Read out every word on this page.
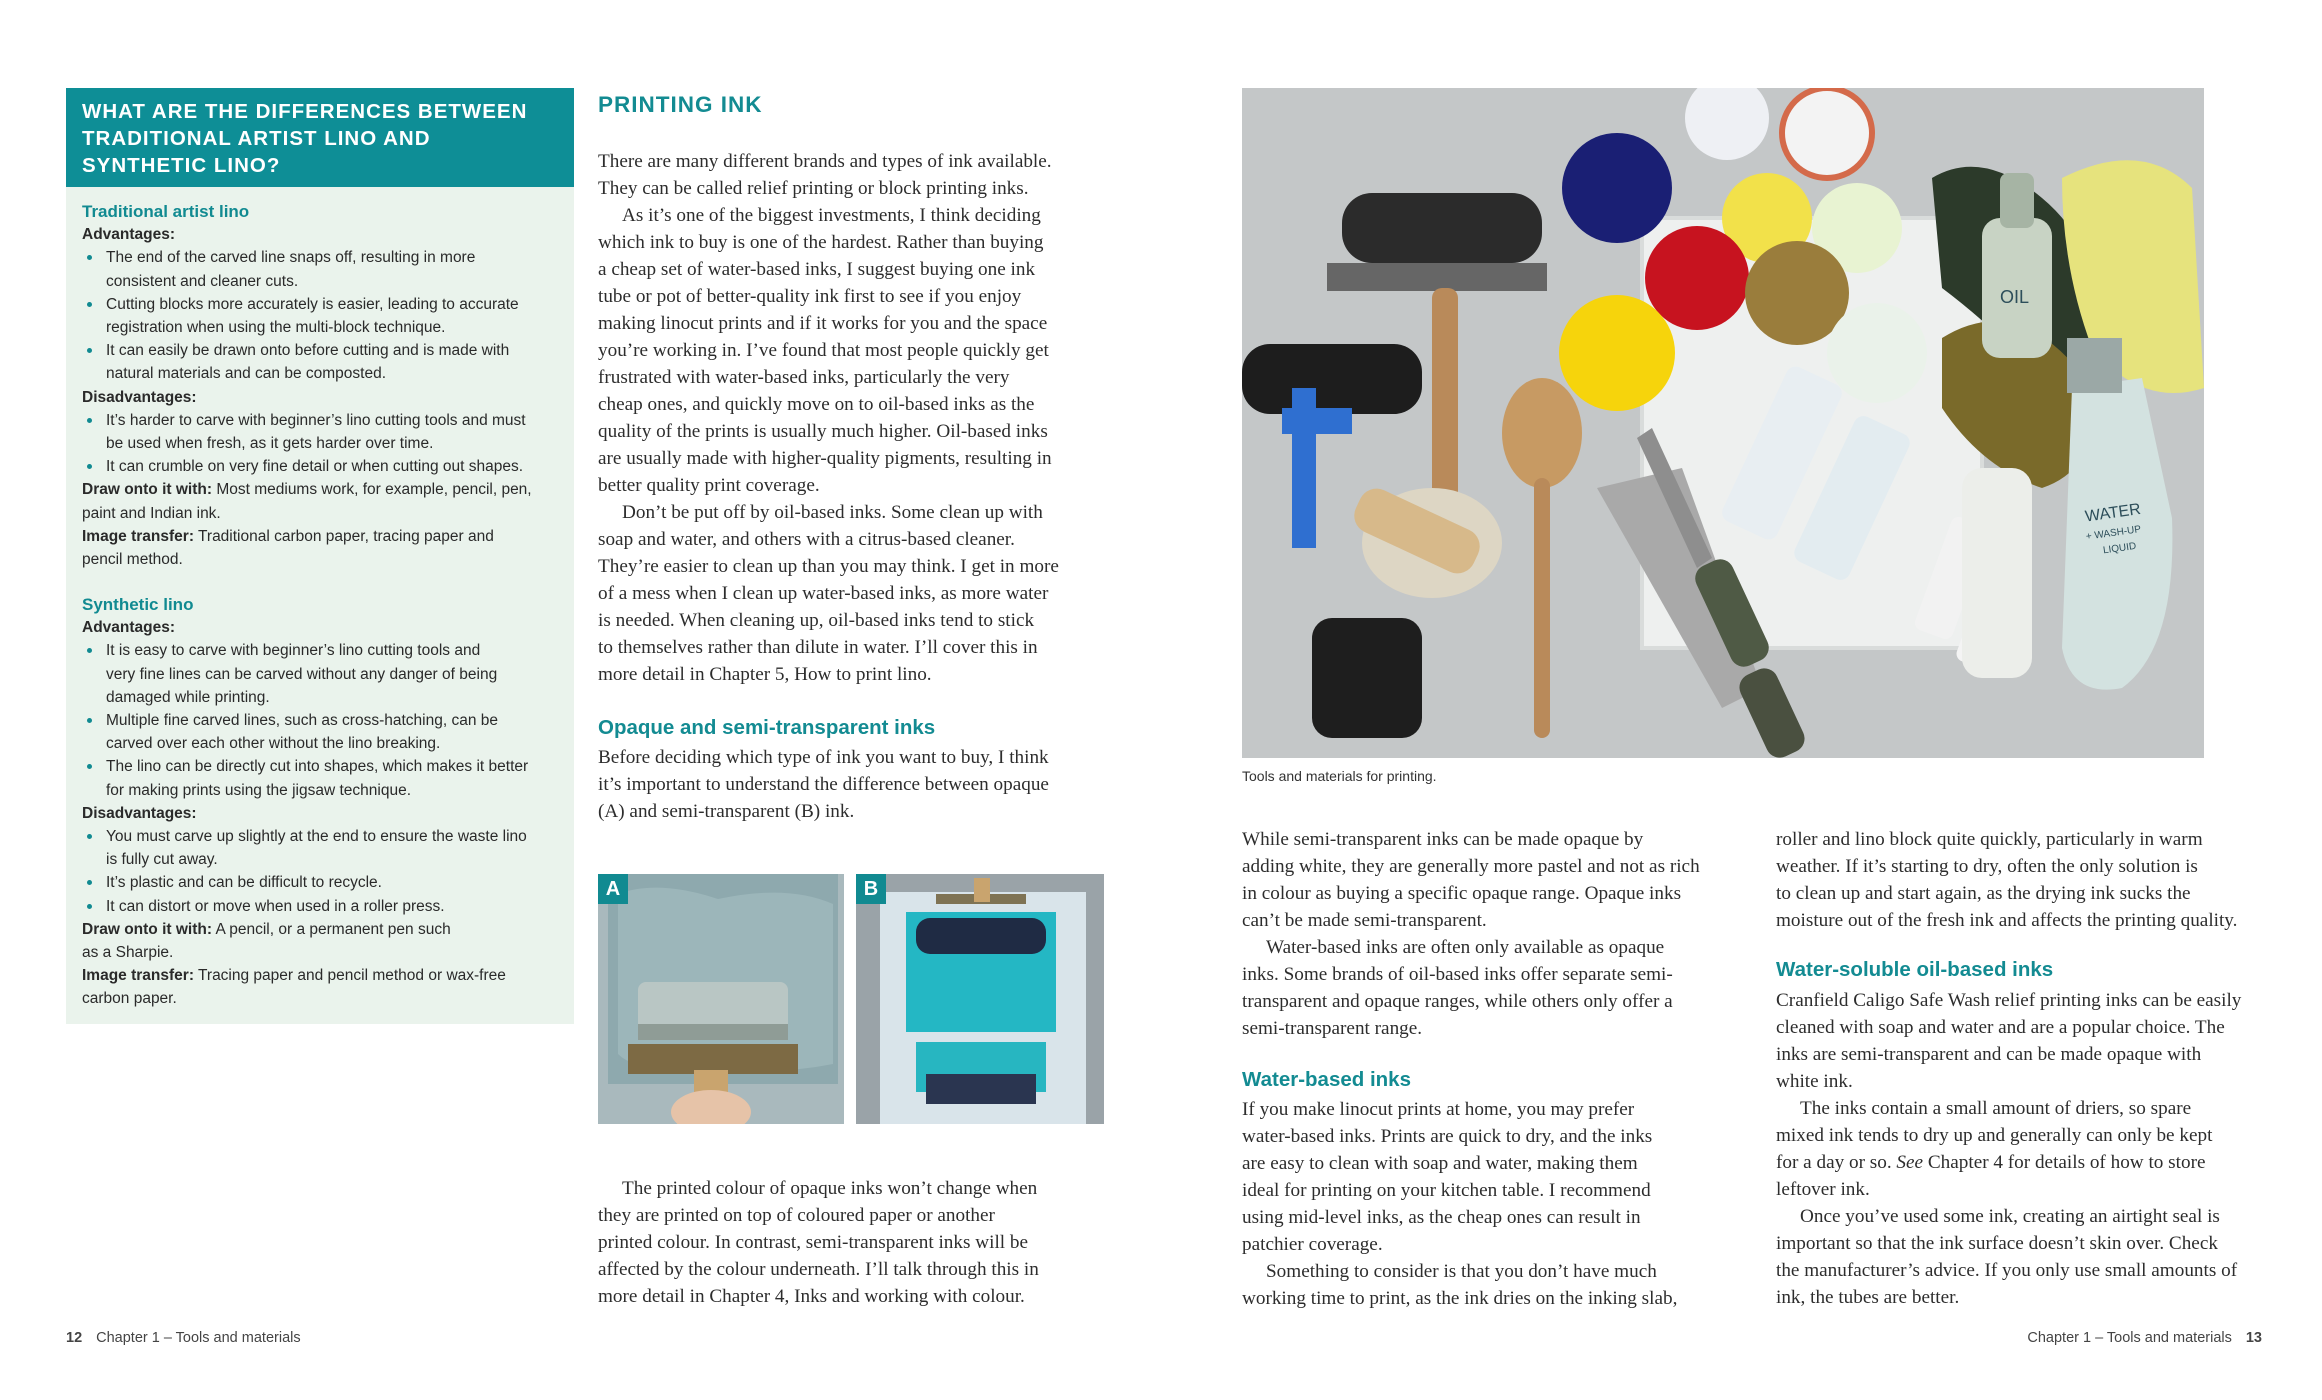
WHAT ARE THE DIFFERENCES BETWEEN
TRADITIONAL ARTIST LINO AND
SYNTHETIC LINO?
Traditional artist lino
Advantages:
The end of the carved line snaps off, resulting in more
consistent and cleaner cuts.
Cutting blocks more accurately is easier, leading to accurate
registration when using the multi-block technique.
It can easily be drawn onto before cutting and is made with
natural materials and can be composted.
Disadvantages:
It’s harder to carve with beginner’s lino cutting tools and must
be used when fresh, as it gets harder over time.
It can crumble on very fine detail or when cutting out shapes.
Draw onto it with: Most mediums work, for example, pencil, pen,
paint and Indian ink.
Image transfer: Traditional carbon paper, tracing paper and
pencil method.
Synthetic lino
Advantages:
It is easy to carve with beginner’s lino cutting tools and
very fine lines can be carved without any danger of being
damaged while printing.
Multiple fine carved lines, such as cross-hatching, can be
carved over each other without the lino breaking.
The lino can be directly cut into shapes, which makes it better
for making prints using the jigsaw technique.
Disadvantages:
You must carve up slightly at the end to ensure the waste lino
is fully cut away.
It’s plastic and can be difficult to recycle.
It can distort or move when used in a roller press.
Draw onto it with: A pencil, or a permanent pen such
as a Sharpie.
Image transfer: Tracing paper and pencil method or wax-free
carbon paper.
PRINTING INK

There are many different brands and types of ink available.
They can be called relief printing or block printing inks.

As it’s one of the biggest investments, I think deciding

which ink to buy is one of the hardest. Rather than buying
a cheap set of water-based inks, I suggest buying one ink
tube or pot of better-quality ink first to see if you enjoy
making linocut prints and if it works for you and the space
you’re working in. I’ve found that most people quickly get
frustrated with water-based inks, particularly the very
cheap ones, and quickly move on to oil-based inks as the
quality of the prints is usually much higher. Oil-based inks
are usually made with higher-quality pigments, resulting in
better quality print coverage.

Don’t be put off by oil-based inks. Some clean up with

soap and water, and others with a citrus-based cleaner.
They’re easier to clean up than you may think. I get in more
of a mess when I clean up water-based inks, as more water
is needed. When cleaning up, oil-based inks tend to stick
to themselves rather than dilute in water. I’ll cover this in
more detail in Chapter 5, How to print lino.

Opaque and semi-transparent inks
Before deciding which type of ink you want to buy, I think
it’s important to understand the difference between opaque
(A) and semi-transparent (B) ink.
A	B
The printed colour of opaque inks won’t change when
they are printed on top of coloured paper or another
printed colour. In contrast, semi-transparent inks will be
affected by the colour underneath. I’ll talk through this in
more detail in Chapter 4, Inks and working with colour.
OIL
WATER
+ WASH-UP
LIQUID
Tools and materials for printing.
While semi-transparent inks can be made opaque by
adding white, they are generally more pastel and not as rich
in colour as buying a specific opaque range. Opaque inks
can’t be made semi-transparent.
Water-based inks are often only available as opaque
inks. Some brands of oil-based inks offer separate semi-
transparent and opaque ranges, while others only offer a
semi-transparent range.
Water-based inks
If you make linocut prints at home, you may prefer
water-based inks. Prints are quick to dry, and the inks
are easy to clean with soap and water, making them
ideal for printing on your kitchen table. I recommend
using mid-level inks, as the cheap ones can result in
patchier coverage.
Something to consider is that you don’t have much
working time to print, as the ink dries on the inking slab,
roller and lino block quite quickly, particularly in warm
weather. If it’s starting to dry, often the only solution is
to clean up and start again, as the drying ink sucks the
moisture out of the fresh ink and affects the printing quality.
Water-soluble oil-based inks
Cranfield Caligo Safe Wash relief printing inks can be easily
cleaned with soap and water and are a popular choice. The
inks are semi-transparent and can be made opaque with
white ink.
The inks contain a small amount of driers, so spare
mixed ink tends to dry up and generally can only be kept
for a day or so. See Chapter 4 for details of how to store
leftover ink.
Once you’ve used some ink, creating an airtight seal is
important so that the ink surface doesn’t skin over. Check
the manufacturer’s advice. If you only use small amounts of
ink, the tubes are better.
12 Chapter 1 – Tools and materials	Chapter 1 – Tools and materials 13
